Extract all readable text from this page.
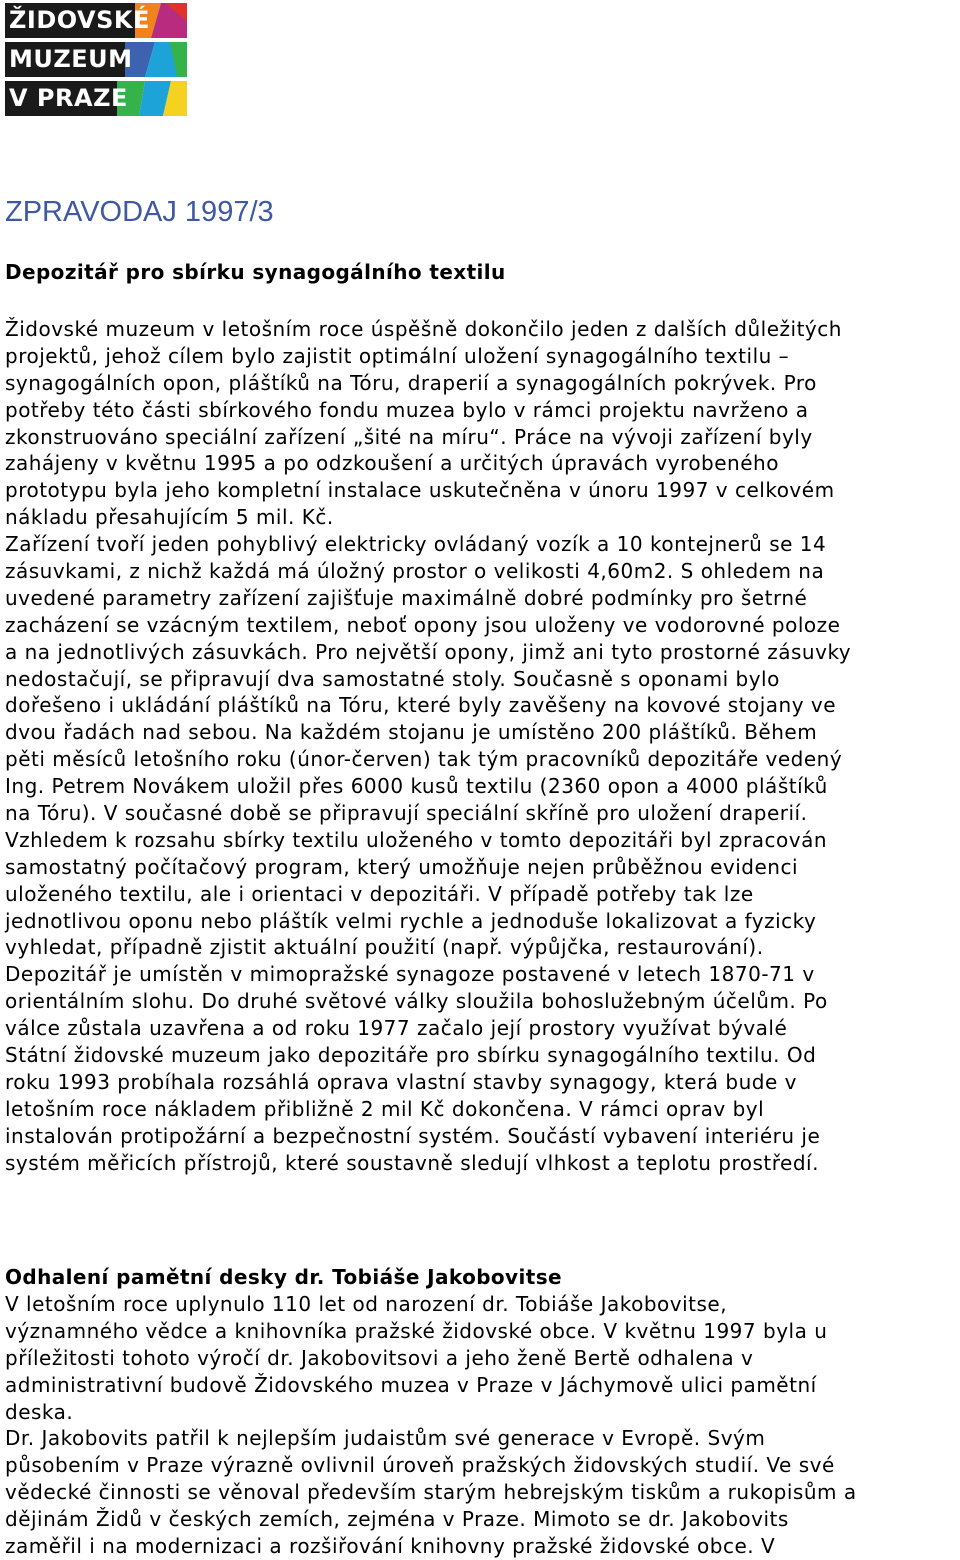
ŽIDOVSKÉ
MUZEUM
V PRAZE
ZPRAVODAJ 1997/3
Depozitář pro sbírku synagogálního textilu
Židovské muzeum v letošním roce úspěšně dokončilo jeden z dalších důležitých
projektů, jehož cílem bylo zajistit optimální uložení synagogálního textilu –
synagogálních opon, pláštíků na Tóru, draperií a synagogálních pokrývek. Pro
potřeby této části sbírkového fondu muzea bylo v rámci projektu navrženo a
zkonstruováno speciální zařízení „šité na míru“. Práce na vývoji zařízení byly
zahájeny v květnu 1995 a po odzkoušení a určitých úpravách vyrobeného
prototypu byla jeho kompletní instalace uskutečněna v únoru 1997 v celkovém
nákladu přesahujícím 5 mil. Kč.
Zařízení tvoří jeden pohyblivý elektricky ovládaný vozík a 10 kontejnerů se 14
zásuvkami, z nichž každá má úložný prostor o velikosti 4,60m2. S ohledem na
uvedené parametry zařízení zajišťuje maximálně dobré podmínky pro šetrné
zacházení se vzácným textilem, neboť opony jsou uloženy ve vodorovné poloze
a na jednotlivých zásuvkách. Pro největší opony, jimž ani tyto prostorné zásuvky
nedostačují, se připravují dva samostatné stoly. Současně s oponami bylo
dořešeno i ukládání pláštíků na Tóru, které byly zavěšeny na kovové stojany ve
dvou řadách nad sebou. Na každém stojanu je umístěno 200 pláštíků. Během
pěti měsíců letošního roku (únor-červen) tak tým pracovníků depozitáře vedený
Ing. Petrem Novákem uložil přes 6000 kusů textilu (2360 opon a 4000 pláštíků
na Tóru). V současné době se připravují speciální skříně pro uložení draperií.
Vzhledem k rozsahu sbírky textilu uloženého v tomto depozitáři byl zpracován
samostatný počítačový program, který umožňuje nejen průběžnou evidenci
uloženého textilu, ale i orientaci v depozitáři. V případě potřeby tak lze
jednotlivou oponu nebo pláštík velmi rychle a jednoduše lokalizovat a fyzicky
vyhledat, případně zjistit aktuální použití (např. výpůjčka, restaurování).
Depozitář je umístěn v mimopražské synagoze postavené v letech 1870-71 v
orientálním slohu. Do druhé světové války sloužila bohoslužebným účelům. Po
válce zůstala uzavřena a od roku 1977 začalo její prostory využívat bývalé
Státní židovské muzeum jako depozitáře pro sbírku synagogálního textilu. Od
roku 1993 probíhala rozsáhlá oprava vlastní stavby synagogy, která bude v
letošním roce nákladem přibližně 2 mil Kč dokončena. V rámci oprav byl
instalován protipožární a bezpečnostní systém. Součástí vybavení interiéru je
systém měřicích přístrojů, které soustavně sledují vlhkost a teplotu prostředí.
Odhalení pamětní desky dr. Tobiáše Jakobovitse
V letošním roce uplynulo 110 let od narození dr. Tobiáše Jakobovitse,
významného vědce a knihovníka pražské židovské obce. V květnu 1997 byla u
příležitosti tohoto výročí dr. Jakobovitsovi a jeho ženě Bertě odhalena v
administrativní budově Židovského muzea v Praze v Jáchymově ulici pamětní
deska.
Dr. Jakobovits patřil k nejlepším judaistům své generace v Evropě. Svým
působením v Praze výrazně ovlivnil úroveň pražských židovských studií. Ve své
vědecké činnosti se věnoval především starým hebrejským tiskům a rukopisům a
dějinám Židů v českých zemích, zejména v Praze. Mimoto se dr. Jakobovits
zaměřil i na modernizaci a rozšiřování knihovny pražské židovské obce. V
